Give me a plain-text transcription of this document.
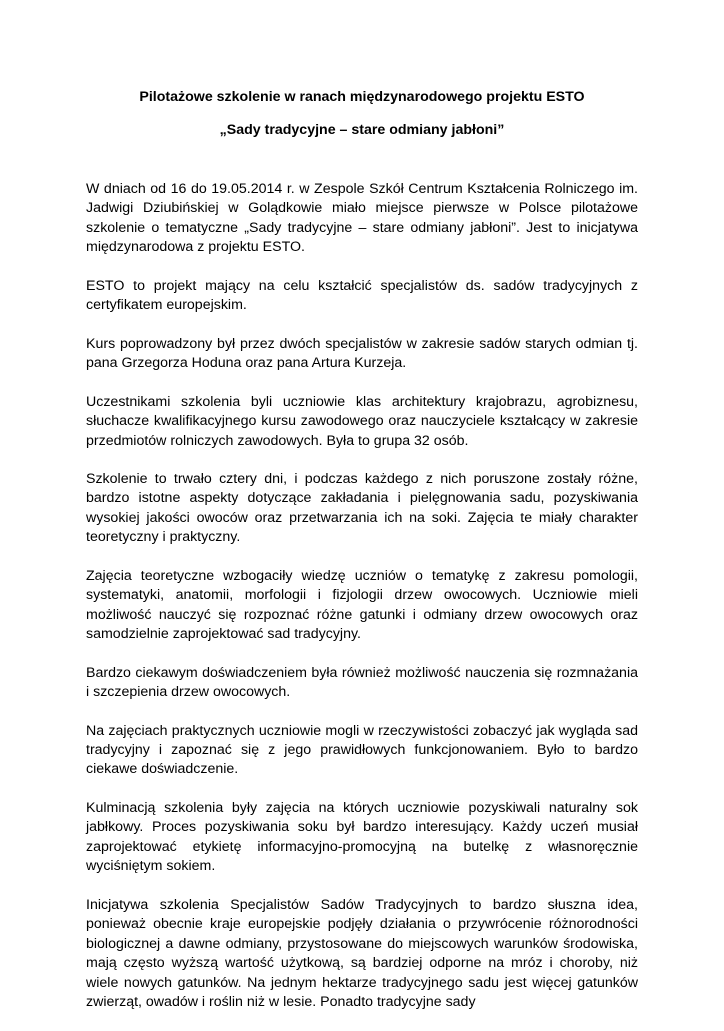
Pilotażowe szkolenie w ranach międzynarodowego projektu ESTO
„Sady tradycyjne – stare odmiany jabłoni”

W dniach od 16 do 19.05.2014 r. w Zespole Szkół Centrum Kształcenia Rolniczego im. Jadwigi Dziubińskiej w Golądkowie miało miejsce pierwsze w Polsce pilotażowe szkolenie o tematyczne „Sady tradycyjne – stare odmiany jabłoni”. Jest to inicjatywa międzynarodowa z projektu ESTO.

ESTO to projekt mający na celu kształcić specjalistów ds. sadów tradycyjnych z certyfikatem europejskim.

Kurs poprowadzony był przez dwóch specjalistów w zakresie sadów starych odmian tj. pana Grzegorza Hoduna oraz pana Artura Kurzeja.

Uczestnikami szkolenia byli uczniowie klas architektury krajobrazu, agrobiznesu, słuchacze kwalifikacyjnego kursu zawodowego oraz nauczyciele kształcący w zakresie przedmiotów rolniczych zawodowych. Była to grupa 32 osób.

Szkolenie to trwało cztery dni, i podczas każdego z nich poruszone zostały różne, bardzo istotne aspekty dotyczące zakładania i pielęgnowania sadu, pozyskiwania wysokiej jakości owoców oraz przetwarzania ich na soki. Zajęcia te miały charakter teoretyczny i praktyczny.

Zajęcia teoretyczne wzbogaciły wiedzę uczniów o tematykę z zakresu pomologii, systematyki, anatomii, morfologii i fizjologii drzew owocowych. Uczniowie mieli możliwość nauczyć się rozpoznać różne gatunki i odmiany drzew owocowych oraz samodzielnie zaprojektować sad tradycyjny.

Bardzo ciekawym doświadczeniem była również możliwość nauczenia się rozmnażania i szczepienia drzew owocowych.

Na zajęciach praktycznych uczniowie mogli w rzeczywistości zobaczyć jak wygląda sad tradycyjny i zapoznać się z jego prawidłowych funkcjonowaniem. Było to bardzo ciekawe doświadczenie.

Kulminacją szkolenia były zajęcia na których uczniowie pozyskiwali naturalny sok jabłkowy. Proces pozyskiwania soku był bardzo interesujący. Każdy uczeń musiał zaprojektować etykietę informacyjno-promocyjną na butelkę z własnoręcznie wyciśniętym sokiem.

Inicjatywa szkolenia Specjalistów Sadów Tradycyjnych to bardzo słuszna idea, ponieważ obecnie kraje europejskie podjęły działania o przywrócenie różnorodności biologicznej a dawne odmiany, przystosowane do miejscowych warunków środowiska, mają często wyższą wartość użytkową, są bardziej odporne na mróz i choroby, niż wiele nowych gatunków. Na jednym hektarze tradycyjnego sadu jest więcej gatunków zwierząt, owadów i roślin niż w lesie. Ponadto tradycyjne sady
